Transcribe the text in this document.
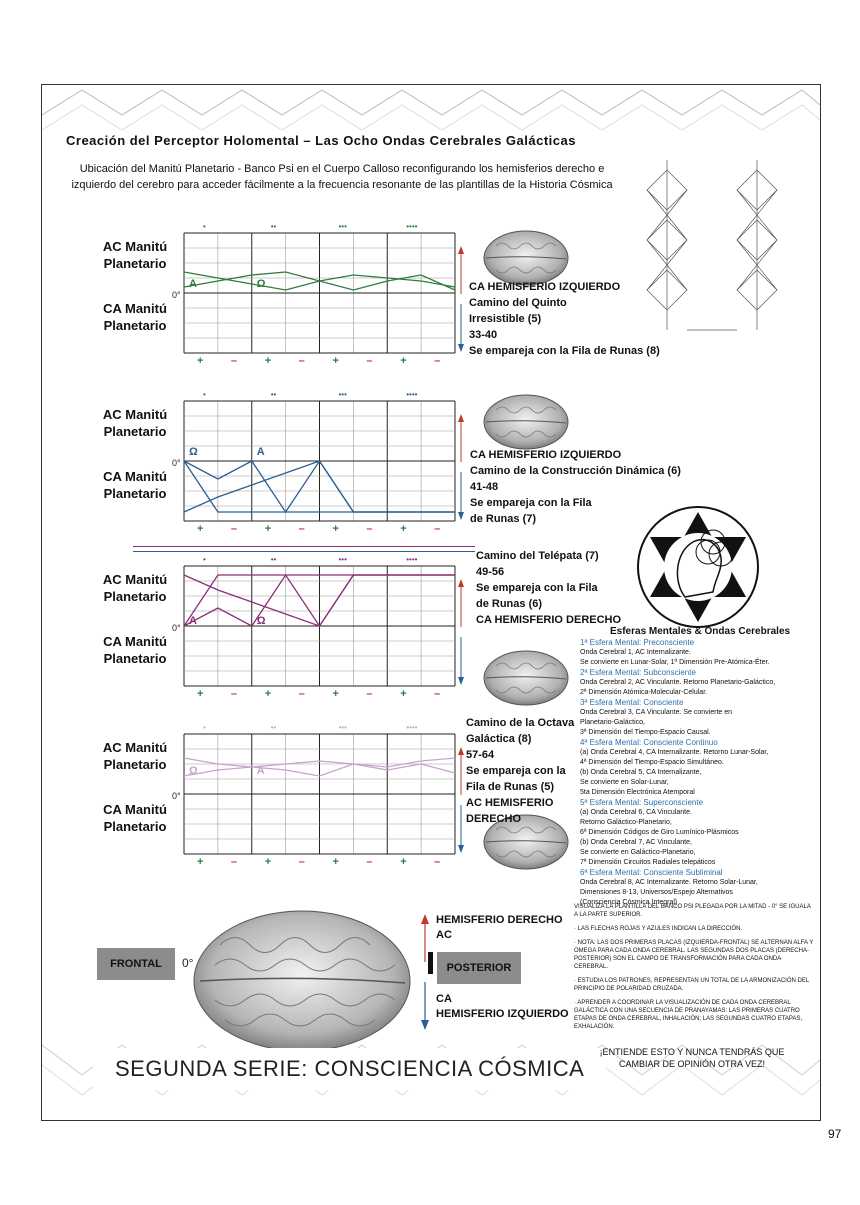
Creación del Perceptor Holomental – Las Ocho Ondas Cerebrales Galácticas
Ubicación del Manitú Planetario - Banco Psi en el Cuerpo Calloso reconfigurando los hemisferios derecho e izquierdo del cerebro para acceder fácilmente a la frecuencia resonante de las plantillas de la Historia Cósmica
AC Manitú Planetario
CA Manitú Planetario
0°
A	Ω
•	••	•••	••••
+ –	+ –	+ –	+ –
CA HEMISFERIO IZQUIERDO
Camino del Quinto
Irresistible (5)
33-40
Se empareja con la Fila de Runas (8)
AC Manitú Planetario
CA Manitú Planetario
0°
Ω	A
•	••	•••	••••
+ –	+ –	+ –	+ –
CA HEMISFERIO IZQUIERDO
Camino de la Construcción Dinámica (6)
41-48
Se empareja con la Fila
de Runas (7)
AC Manitú Planetario
CA Manitú Planetario
0°
A	Ω
•	••	•••	••••
+ –	+ –	+ –	+ –
Camino del Telépata (7)
49-56
Se empareja con la Fila
de Runas (6)
CA HEMISFERIO DERECHO
AC Manitú Planetario
CA Manitú Planetario
0°
Ω	A
•	••	•••	••••
+ –	+ –	+ –	+ –
Camino de la Octava
Galáctica (8)
57-64
Se empareja con la
Fila de Runas (5)
AC HEMISFERIO
DERECHO
Esferas Mentales & Ondas Cerebrales
1ª Esfera Mental: Preconsciente
Onda Cerebral 1, AC Internalizante.
Se convierte en Lunar-Solar, 1ª Dimensión Pre-Atómica-Éter.
2ª Esfera Mental: Subconsciente
Onda Cerebral 2, AC Vinculante. Retorno Planetario-Galáctico,
2ª Dimensión Atómica-Molecular-Celular.
3ª Esfera Mental: Consciente
Onda Cerebral 3, CA Vinculante. Se convierte en
Planetario-Galáctico,
3ª Dimensión del Tiempo-Espacio Causal.
4ª Esfera Mental: Consciente Continuo
(a) Onda Cerebral 4, CA Internalizante. Retorno Lunar-Solar,
4ª Dimensión del Tiempo-Espacio Simultáneo.
(b) Onda Cerebral 5, CA Internalizante,
Se convierte en Solar-Lunar,
5ta Dimensión Electrónica Atemporal
5ª Esfera Mental: Superconsciente
(a) Onda Cerebral 6, CA Vinculante.
Retorno Galáctico-Planetario,
6ª Dimensión Códigos de Giro Lumínico-Plásmicos
(b) Onda Cerebral 7, AC Vinculante,
Se convierte en Galáctico-Planetario,
7ª Dimensión Circuitos Radiales telepáticos
6ª Esfera Mental: Consciente Subliminal
Onda Cerebral 8, AC Internalizante. Retorno Solar-Lunar,
Dimensiones 8-13, Universos/Espejo Alternativos
(Consciencia Cósmica Integral)
VISUALIZA LA PLANTILLA DEL BANCO PSI PLEGADA POR LA MITAD - 0° SE IGUALA A LA PARTE SUPERIOR.
· LAS FLECHAS ROJAS Y AZULES INDICAN LA DIRECCIÓN.
· NOTA: LAS DOS PRIMERAS PLACAS (IZQUIERDA-FRONTAL) SE ALTERNAN ALFA Y OMEGA PARA CADA ONDA CEREBRAL. LAS SEGUNDAS DOS PLACAS (DERECHA-POSTERIOR) SON EL CAMPO DE TRANSFORMACIÓN PARA CADA ONDA CEREBRAL.
· ESTUDIA LOS PATRONES, REPRESENTAN UN TOTAL DE LA ARMONIZACIÓN DEL PRINCIPIO DE POLARIDAD CRUZADA.
· APRENDER A COORDINAR LA VISUALIZACIÓN DE CADA ONDA CEREBRAL GALÁCTICA CON UNA SECUENCIA DE PRANAYAMAS: LAS PRIMERAS CUATRO ETAPAS DE ONDA CEREBRAL, INHALACIÓN; LAS SEGUNDAS CUATRO ETAPAS, EXHALACIÓN.
FRONTAL	0°	POSTERIOR
HEMISFERIO DERECHO
AC
CA
HEMISFERIO IZQUIERDO
SEGUNDA SERIE: CONSCIENCIA CÓSMICA
¡ENTIENDE ESTO Y NUNCA TENDRÁS QUE CAMBIAR DE OPINIÓN OTRA VEZ!
97
